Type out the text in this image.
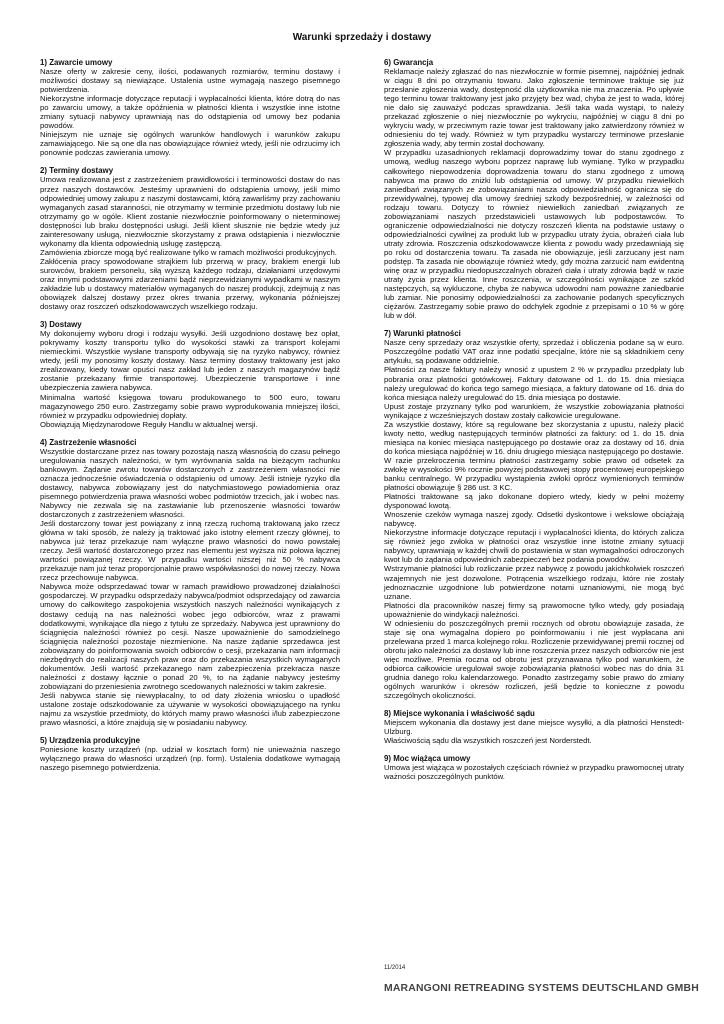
Warunki sprzedaży i dostawy
1) Zawarcie umowy

Nasze oferty w zakresie ceny, ilości, podawanych rozmiarów, terminu dostawy i możliwości dostawy są niewiążące. Ustalenia ustne wymagają naszego pisemnego potwierdzenia.

Niekorzystne informacje dotyczące reputacji i wypłacalności klienta, które dotrą do nas po zawarciu umowy, a także opóźnienia w płatności klienta i wszystkie inne istotne zmiany sytuacji nabywcy uprawniają nas do odstąpienia od umowy bez podania powodów.

Niniejszym nie uznaje się ogólnych warunków handlowych i warunków zakupu zamawiającego. Nie są one dla nas obowiązujące również wtedy, jeśli nie odrzucimy ich ponownie podczas zawierania umowy.

2) Terminy dostawy

Umowa realizowana jest z zastrzeżeniem prawidłowości i terminowości dostaw do nas przez naszych dostawców. Jesteśmy uprawnieni do odstąpienia umowy, jeśli mimo odpowiedniej umowy zakupu z naszymi dostawcami, którą zawarliśmy przy zachowaniu wymaganych zasad staranności, nie otrzymamy w terminie przedmiotu dostawy lub nie otrzymamy go w ogóle. Klient zostanie niezwłocznie poinformowany o nieterminowej dostępności lub braku dostępności usługi. Jeśli klient słusznie nie będzie wtedy już zainteresowany usługą, niezwłocznie skorzystamy z prawa odstąpienia i niezwłocznie wykonamy dla klienta odpowiednią usługę zastępczą.

Zamówienia zbiorcze mogą być realizowane tylko w ramach możliwości produkcyjnych.

Zakłócenia pracy spowodowane strajkiem lub przerwą w pracy, brakiem energii lub surowców, brakiem personelu, siłą wyższą każdego rodzaju, działaniami urzędowymi oraz innymi podstawowymi zdarzeniami bądź nieprzewidzianymi wypadkami w naszym zakładzie lub u dostawcy materiałów wymaganych do naszej produkcji, zdejmują z nas obowiązek dalszej dostawy przez okres trwania przerwy, wykonania późniejszej dostawy oraz roszczeń odszkodowawczych wszelkiego rodzaju.

3) Dostawy

My dokonujemy wyboru drogi i rodzaju wysyłki. Jeśli uzgodniono dostawę bez opłat, pokrywamy koszty transportu tylko do wysokości stawki za transport kolejami niemieckimi. Wszystkie wysłane transporty odbywają się na ryzyko nabywcy, również wtedy, jeśli my ponosimy koszty dostawy. Nasz terminy dostawy traktowany jest jako zrealizowany, kiedy towar opuści nasz zakład lub jeden z naszych magazynów bądź zostanie przekazany firmie transportowej. Ubezpieczenie transportowe i inne ubezpieczenia zawiera nabywca.

Minimalna wartość księgowa towaru produkowanego to 500 euro, towaru magazynowego 250 euro. Zastrzegamy sobie prawo wyprodukowania mniejszej ilości, również w przypadku odpowiedniej dopłaty.

Obowiązują Międzynarodowe Reguły Handlu w aktualnej wersji.

4) Zastrzeżenie własności

Wszystkie dostarczane przez nas towary pozostają naszą własnością do czasu pełnego uregulowania naszych należności, w tym wyrównania salda na bieżącym rachunku bankowym. Żądanie zwrotu towarów dostarczonych z zastrzeżeniem własności nie oznacza jednocześnie oświadczenia o odstąpieniu od umowy. Jeśli istnieje ryzyko dla dostawcy, nabywca zobowiązany jest do natychmiastowego powiadomienia oraz pisemnego potwierdzenia prawa własności wobec podmiotów trzecich, jak i wobec nas. Nabywcy nie zezwala się na zastawianie lub przenoszenie własności towarów dostarczonych z zastrzeżeniem własności.

Jeśli dostarczony towar jest powiązany z inną rzeczą ruchomą traktowaną jako rzecz główna w taki sposób, że należy ją traktować jako istotny element rzeczy głównej, to nabywca już teraz przekazuje nam wyłączne prawo własności do nowo powstałej rzeczy. Jeśli wartość dostarczonego przez nas elementu jest wyższa niż połowa łącznej wartości powiązanej rzeczy. W przypadku wartości niższej niż 50 % nabywca przekazuje nam już teraz proporcjonalnie prawo współwłasności do nowej rzeczy. Nowa rzecz przechowuje nabywca.

Nabywca może odsprzedawać towar w ramach prawidłowo prowadzonej działalności gospodarczej. W przypadku odsprzedaży nabywca/podmiot odsprzedający od zawarcia umowy do całkowitego zaspokojenia wszystkich naszych należności wynikających z dostawy cedują na nas należności wobec jego odbiorców, wraz z prawami dodatkowymi, wynikające dla niego z tytułu ze sprzedaży. Nabywca jest uprawniony do ściągnięcia należności również po cesji. Nasze upoważnienie do samodzielnego ściągnięcia należności pozostaje niezmienione. Na nasze żądanie sprzedawca jest zobowiązany do poinformowania swoich odbiorców o cesji, przekazania nam informacji niezbędnych do realizacji naszych praw oraz do przekazania wszystkich wymaganych dokumentów. Jeśli wartość przekazanego nam zabezpieczenia przekracza nasze należności z dostawy łącznie o ponad 20 %, to na żądanie nabywcy jesteśmy zobowiązani do przeniesienia zwrotnego scedowanych należności w takim zakresie.

Jeśli nabywca stanie się niewypłacalny, to od daty złożenia wniosku o upadłość ustalone zostaje odszkodowanie za używanie w wysokości obowiązującego na rynku najmu za wszystkie przedmioty, do których mamy prawo własności i/lub zabezpieczone prawo własności, a które znajdują się w posiadaniu nabywcy.

5) Urządzenia produkcyjne

Poniesione koszty urządzeń (np. udział w kosztach form) nie unieważnia naszego wyłącznego prawa do własności urządzeń (np. form). Ustalenia dodatkowe wymagają naszego pisemnego potwierdzenia.

6) Gwarancja

Reklamacje należy zgłaszać do nas niezwłocznie w formie pisemnej, najpóźniej jednak w ciągu 8 dni po otrzymaniu towaru. Jako zgłoszenie terminowe traktuje się już przesłanie zgłoszenia wady, dostępność dla użytkownika nie ma znaczenia. Po upływie tego terminu towar traktowany jest jako przyjęty bez wad, chyba że jest to wada, której nie dało się zauważyć podczas sprawdzania. Jeśli taka wada wystąpi, to należy przekazać zgłoszenie o niej niezwłocznie po wykryciu, najpóźniej w ciągu 8 dni po wykryciu wady, w przeciwnym razie towar jest traktowany jako zatwierdzony również w odniesieniu do tej wady. Również w tym przypadku wystarczy terminowe przesłanie zgłoszenia wady, aby termin został dochowany.

W przypadku uzasadnionych reklamacji doprowadzimy towar do stanu zgodnego z umową, według naszego wyboru poprzez naprawę lub wymianę. Tylko w przypadku całkowitego niepowodzenia doprowadzenia towaru do stanu zgodnego z umową nabywca ma prawo do zniżki lub odstąpienia od umowy. W przypadku niewielkich zaniedbań związanych ze zobowiązaniami nasza odpowiedzialność ogranicza się do przewidywalnej, typowej dla umowy średniej szkody bezpośredniej, w zależności od rodzaju towaru. Dotyczy to również niewielkich zaniedbań związanych ze zobowiązaniami naszych przedstawicieli ustawowych lub podpostawców. To ograniczenie odpowiedzialności nie dotyczy roszczeń klienta na podstawie ustawy o odpowiedzialności cywilnej za produkt lub w przypadku utraty życia, obrażeń ciała lub utraty zdrowia. Roszczenia odszkodowawcze klienta z powodu wady przedawniają się po roku od dostarczenia towaru. Ta zasada nie obowiązuje, jeśli zarzucany jest nam podstęp. Ta zasada nie obowiązuje również wtedy, gdy można zarzucić nam ewidentną winę oraz w przypadku niedopuszczalnych obrażeń ciała i utraty zdrowia bądź w razie utraty życia przez klienta. Inne roszczenia, w szczególności wynikające ze szkód następczych, są wykluczone, chyba że nabywca udowodni nam poważne zaniedbanie lub zamiar. Nie ponosimy odpowiedzialności za zachowanie podanych specyficznych ciężarów. Zastrzegamy sobie prawo do odchyłek zgodnie z przepisami o 10 % w górę lub w dół.

7) Warunki płatności

Nasze ceny sprzedaży oraz wszystkie oferty, sprzedaż i obliczenia podane są w euro. Poszczególne podatki VAT oraz inne podatki specjalne, które nie są składnikiem ceny artykułu, są podawane oddzielnie.

Płatności za nasze faktury należy wnosić z upustem 2 % w przypadku przedpłaty lub pobrania oraz płatności gotówkowej. Faktury datowane od 1. do 15. dnia miesiąca należy uregulować do końca tego samego miesiąca, a faktury datowane od 16. dnia do końca miesiąca należy uregulować do 15. dnia miesiąca po dostawie.

Upust zostaje przyznany tylko pod warunkiem, że wszystkie zobowiązania płatności wynikające z wcześniejszych dostaw zostały całkowicie uregulowane.

Za wszystkie dostawy, które są regulowane bez skorzystania z upustu, należy płacić kwoty netto, według następujących terminów płatności za faktury: od 1. do 15. dnia miesiąca na koniec miesiąca następującego po dostawie oraz za dostawy od 16. dnia do końca miesiąca najpóźniej w 16. dniu drugiego miesiąca następującego po dostawie.

W razie przekroczenia terminu płatności zastrzegamy sobie prawo od odsetek za zwłokę w wysokości 9% rocznie powyżej podstawowej stopy procentowej europejskiego banku centralnego. W przypadku wystąpienia zwłoki oprócz wymienionych terminów płatności obowiązuje § 286 ust. 3 KC.

Płatności traktowane są jako dokonane dopiero wtedy, kiedy w pełni możemy dysponować kwotą.

Wnoszenie czeków wymaga naszej zgody. Odsetki dyskontowe i wekslowe obciążają nabywcę.

Niekorzystne informacje dotyczące reputacji i wypłacalności klienta, do których zalicza się również jego zwłoka w płatności oraz wszystkie inne istotne zmiany sytuacji nabywcy, uprawniają w każdej chwili do postawienia w stan wymagalności odroczonych kwot lub do żądania odpowiednich zabezpieczeń bez podania powodów.

Wstrzymanie płatności lub rozliczanie przez nabywcę z powodu jakichkolwiek roszczeń wzajemnych nie jest dozwolone. Potrącenia wszelkiego rodzaju, które nie zostały jednoznacznie uzgodnione lub potwierdzone notami uznaniowymi, nie mogą być uznane.

Płatności dla pracowników naszej firmy są prawomocne tylko wtedy, gdy posiadają upoważnienie do windykacji należności.

W odniesieniu do poszczególnych premii rocznych od obrotu obowiązuje zasada, że staje się ona wymagalna dopiero po poinformowaniu i nie jest wypłacana ani przelewana przed 1 marca kolejnego roku. Rozliczenie przewidywanej premii rocznej od obrotu jako należności za dostawy lub inne roszczenia przez naszych odbiorców nie jest więc możliwe. Premia roczna od obrotu jest przyznawana tylko pod warunkiem, że odbiorca całkowicie uregulował swoje zobowiązania płatności wobec nas do dnia 31 grudnia danego roku kalendarzowego. Ponadto zastrzegamy sobie prawo do zmiany ogólnych warunków i okresów rozliczeń, jeśli będzie to konieczne z powodu szczególnych okoliczności.

8) Miejsce wykonania i właściwość sądu

Miejscem wykonania dla dostawy jest dane miejsce wysyłki, a dla płatności Henstedt-Ulzburg.

Właściwością sądu dla wszystkich roszczeń jest Norderstedt.

9) Moc wiążąca umowy

Umowa jest wiążąca w pozostałych częściach również w przypadku prawomocnej utraty ważności poszczególnych punktów.

11/2014
MARANGONI RETREADING SYSTEMS DEUTSCHLAND GMBH
